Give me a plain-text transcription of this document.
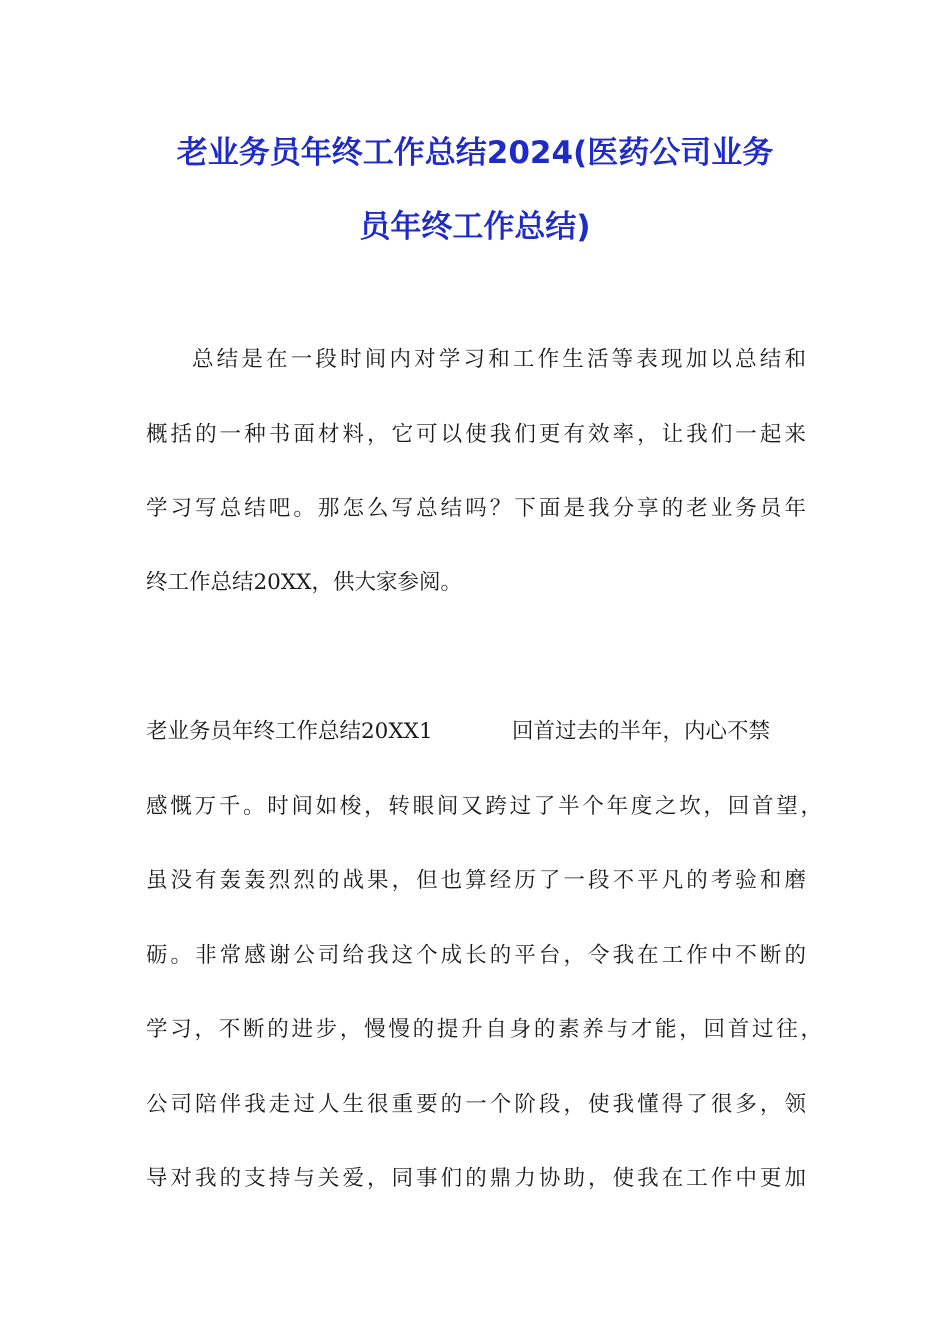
老业务员年终工作总结2024(医药公司业务
员年终工作总结)

总结是在一段时间内对学习和工作生活等表现加以总结和

概括的一种书面材料，它可以使我们更有效率，让我们一起来

学习写总结吧。那怎么写总结吗？下面是我分享的老业务员年

终工作总结20XX，供大家参阅。

老业务员年终工作总结20XX1	回首过去的半年，内心不禁

感慨万千。时间如梭，转眼间又跨过了半个年度之坎，回首望，

虽没有轰轰烈烈的战果，但也算经历了一段不平凡的考验和磨

砺。非常感谢公司给我这个成长的平台，令我在工作中不断的

学习，不断的进步，慢慢的提升自身的素养与才能，回首过往，

公司陪伴我走过人生很重要的一个阶段，使我懂得了很多，领

导对我的支持与关爱，同事们的鼎力协助，使我在工作中更加
